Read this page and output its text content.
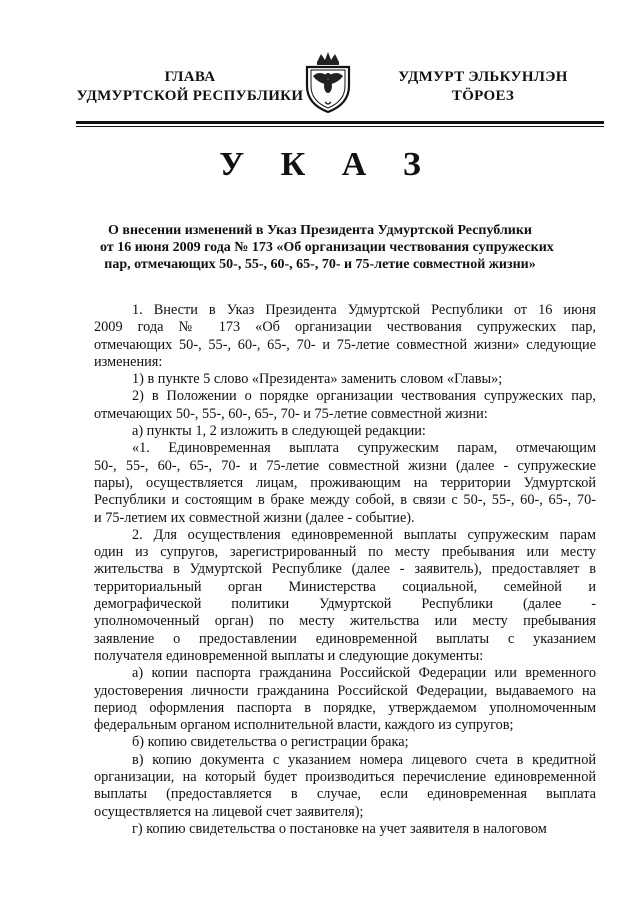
ГЛАВА
УДМУРТСКОЙ РЕСПУБЛИКИ
УДМУРТ ЭЛЬКУНЛЭН
ТӦРОЕЗ
У К А З
О внесении изменений в Указ Президента Удмуртской Республики
от 16 июня 2009 года № 173 «Об организации чествования супружеских
пар, отмечающих 50-, 55-, 60-, 65-, 70- и 75-летие совместной жизни»

1. Внести в Указ Президента Удмуртской Республики от 16 июня
2009 года № 173 «Об организации чествования супружеских пар,
отмечающих 50-, 55-, 60-, 65-, 70- и 75-летие совместной жизни» следующие
изменения:

1) в пункте 5 слово «Президента» заменить словом «Главы»;

2) в Положении о порядке организации чествования супружеских пар,
отмечающих 50-, 55-, 60-, 65-, 70- и 75-летие совместной жизни:

а) пункты 1, 2 изложить в следующей редакции:

«1. Единовременная выплата супружеским парам, отмечающим
50-, 55-, 60-, 65-, 70- и 75-летие совместной жизни (далее - супружеские
пары), осуществляется лицам, проживающим на территории Удмуртской
Республики и состоящим в браке между собой, в связи с 50-, 55-, 60-, 65-, 70-
и 75-летием их совместной жизни (далее - событие).

2. Для осуществления единовременной выплаты супружеским парам
один из супругов, зарегистрированный по месту пребывания или месту
жительства в Удмуртской Республике (далее - заявитель), предоставляет в
территориальный орган Министерства социальной, семейной и
демографической политики Удмуртской Республики (далее -
уполномоченный орган) по месту жительства или месту пребывания
заявление о предоставлении единовременной выплаты с указанием
получателя единовременной выплаты и следующие документы:

а) копии паспорта гражданина Российской Федерации или временного
удостоверения личности гражданина Российской Федерации, выдаваемого на
период оформления паспорта в порядке, утверждаемом уполномоченным
федеральным органом исполнительной власти, каждого из супругов;

б) копию свидетельства о регистрации брака;

в) копию документа с указанием номера лицевого счета в кредитной
организации, на который будет производиться перечисление единовременной
выплаты (предоставляется в случае, если единовременная выплата
осуществляется на лицевой счет заявителя);

г) копию свидетельства о постановке на учет заявителя в налоговом
